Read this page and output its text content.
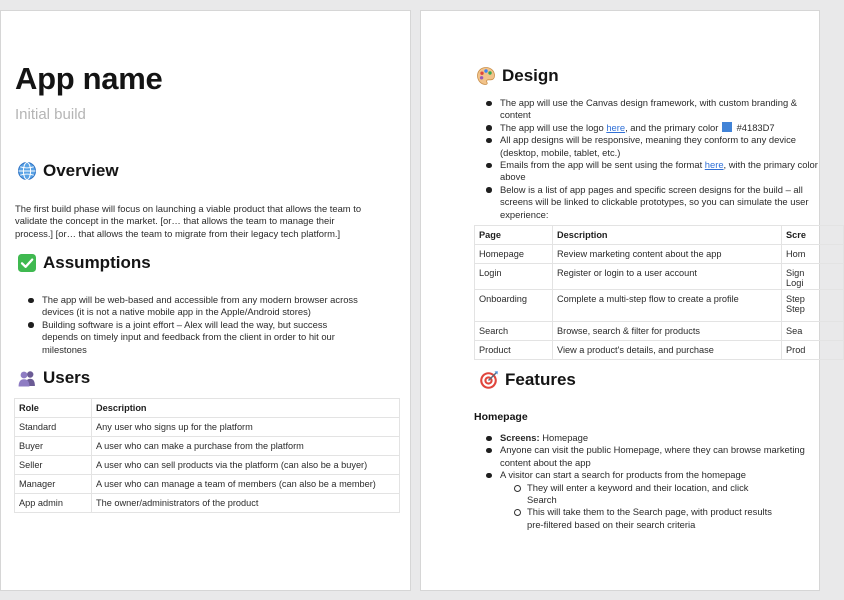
App name
Initial build
Overview
The first build phase will focus on launching a viable product that allows the team to validate the concept in the market. [or… that allows the team to manage their process.] [or… that allows the team to migrate from their legacy tech platform.]
Assumptions
The app will be web-based and accessible from any modern browser across devices (it is not a native mobile app in the Apple/Android stores)
Building software is a joint effort – Alex will lead the way, but success depends on timely input and feedback from the client in order to hit our milestones
Users
Role	Description
Standard	Any user who signs up for the platform
Buyer	A user who can make a purchase from the platform
Seller	A user who can sell products via the platform (can also be a buyer)
Manager	A user who can manage a team of members (can also be a member)
App admin	The owner/administrators of the product
Design
The app will use the Canvas design framework, with custom branding & content
The app will use the logo here, and the primary color  #4183D7
All app designs will be responsive, meaning they conform to any device (desktop, mobile, tablet, etc.)
Emails from the app will be sent using the format here, with the primary color above
Below is a list of app pages and specific screen designs for the build – all screens will be linked to clickable prototypes, so you can simulate the user experience:
Page	Description	Scre
Homepage	Review marketing content about the app	Hom
Login	Register or login to a user account	Sign
Logi

Onboarding	Complete a multi-step flow to create a profile	Step
Step

Search	Browse, search & filter for products	Sea
Product	View a product's details, and purchase	Prod
Features
Homepage
Screens: Homepage
Anyone can visit the public Homepage, where they can browse marketing content about the app
A visitor can start a search for products from the homepage
They will enter a keyword and their location, and click Search
This will take them to the Search page, with product results pre-filtered based on their search criteria
